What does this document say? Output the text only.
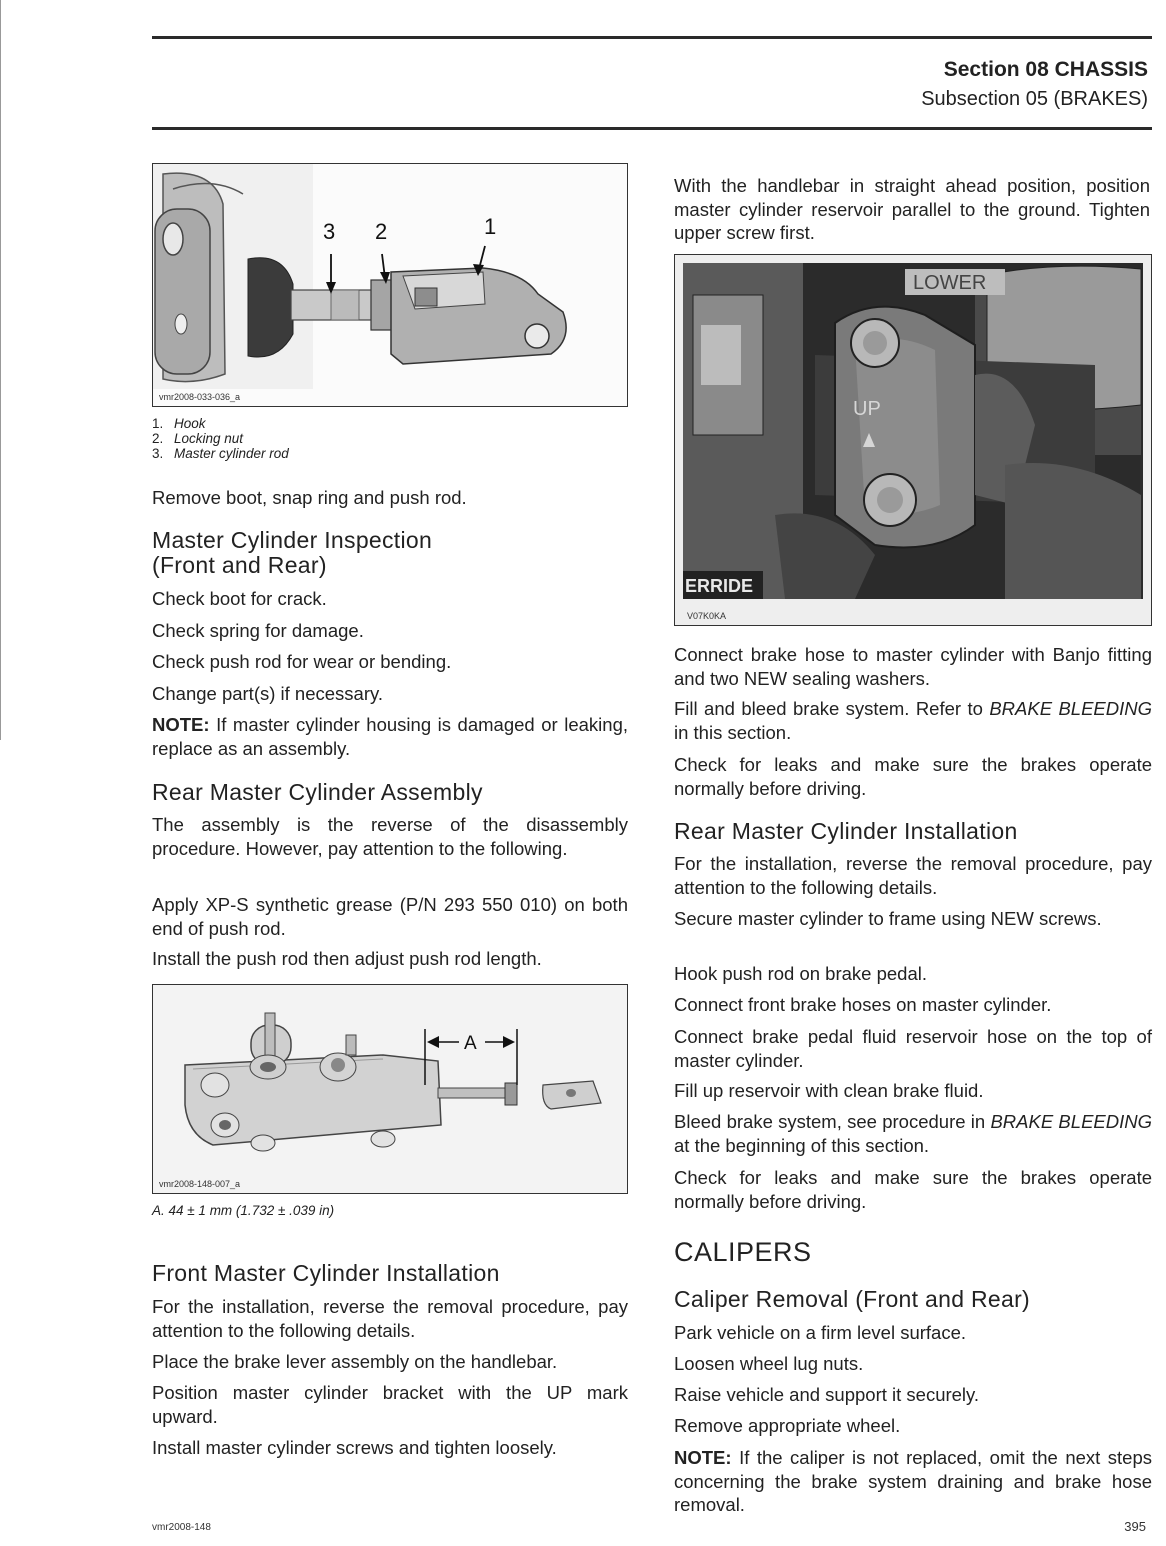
Section 08 CHASSIS
Subsection 05 (BRAKES)
3 2	1
vmr2008-033-036_a
1. Hook
2. Locking nut
3. Master cylinder rod
Remove boot, snap ring and push rod.
Master Cylinder Inspection
(Front and Rear)
Check boot for crack.
Check spring for damage.
Check push rod for wear or bending.
Change part(s) if necessary.
NOTE: If master cylinder housing is damaged or leaking, replace as an assembly.
Rear Master Cylinder Assembly
The assembly is the reverse of the disassembly procedure. However, pay attention to the following.
Apply XP-S synthetic grease (P/N 293 550 010) on both end of push rod.
Install the push rod then adjust push rod length.
A
vmr2008-148-007_a
A. 44 ± 1 mm (1.732 ± .039 in)
Front Master Cylinder Installation
For the installation, reverse the removal procedure, pay attention to the following details.
Place the brake lever assembly on the handlebar.
Position master cylinder bracket with the UP mark upward.
Install master cylinder screws and tighten loosely.
With the handlebar in straight ahead position, position master cylinder reservoir parallel to the ground. Tighten upper screw first.
LOWER
UP
ERRIDE
V07K0KA
Connect brake hose to master cylinder with Banjo fitting and two NEW sealing washers.
Fill and bleed brake system. Refer to BRAKE BLEEDING in this section.
Check for leaks and make sure the brakes operate normally before driving.
Rear Master Cylinder Installation
For the installation, reverse the removal procedure, pay attention to the following details.
Secure master cylinder to frame using NEW screws.
Hook push rod on brake pedal.
Connect front brake hoses on master cylinder.
Connect brake pedal fluid reservoir hose on the top of master cylinder.
Fill up reservoir with clean brake fluid.
Bleed brake system, see procedure in BRAKE BLEEDING at the beginning of this section.
Check for leaks and make sure the brakes operate normally before driving.
CALIPERS
Caliper Removal (Front and Rear)
Park vehicle on a firm level surface.
Loosen wheel lug nuts.
Raise vehicle and support it securely.
Remove appropriate wheel.
NOTE: If the caliper is not replaced, omit the next steps concerning the brake system draining and brake hose removal.
vmr2008-148	395
